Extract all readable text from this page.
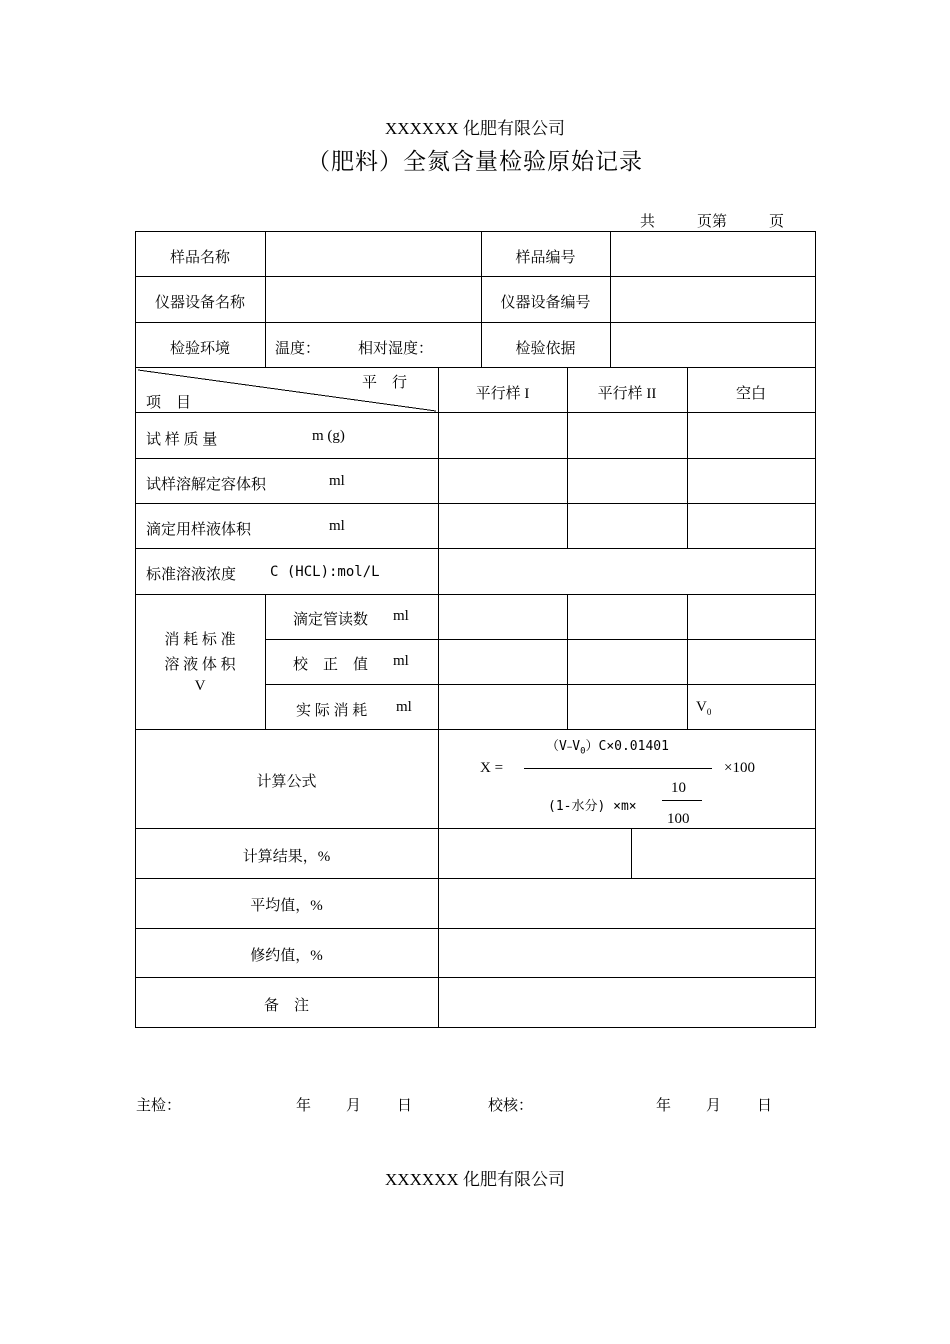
XXXXXX 化肥有限公司
（肥料）全氮含量检验原始记录
共	页第	页
样品名称	样品编号
仪器设备名称	仪器设备编号
检验环境	温度：	相对湿度：	检验依据
平　行
项　目
平行样 I	平行样 II	空白
试 样 质 量	m (g)
试样溶解定容体积	ml
滴定用样液体积	ml
标准溶液浓度 C (HCL):mol/L
消 耗 标 准
溶 液 体 积
V
滴定管读数 ml
校　正　值 ml
实 际 消 耗 ml	$V_0$
计算公式
X =
$(V-V_0)C\times 0.01401$
×100
(1-水分) ×m×
10
100
计算结果，%
平均值，%
修约值，%
备　注
主检：	年 月 日	校核：	年 月 日
XXXXXX 化肥有限公司
